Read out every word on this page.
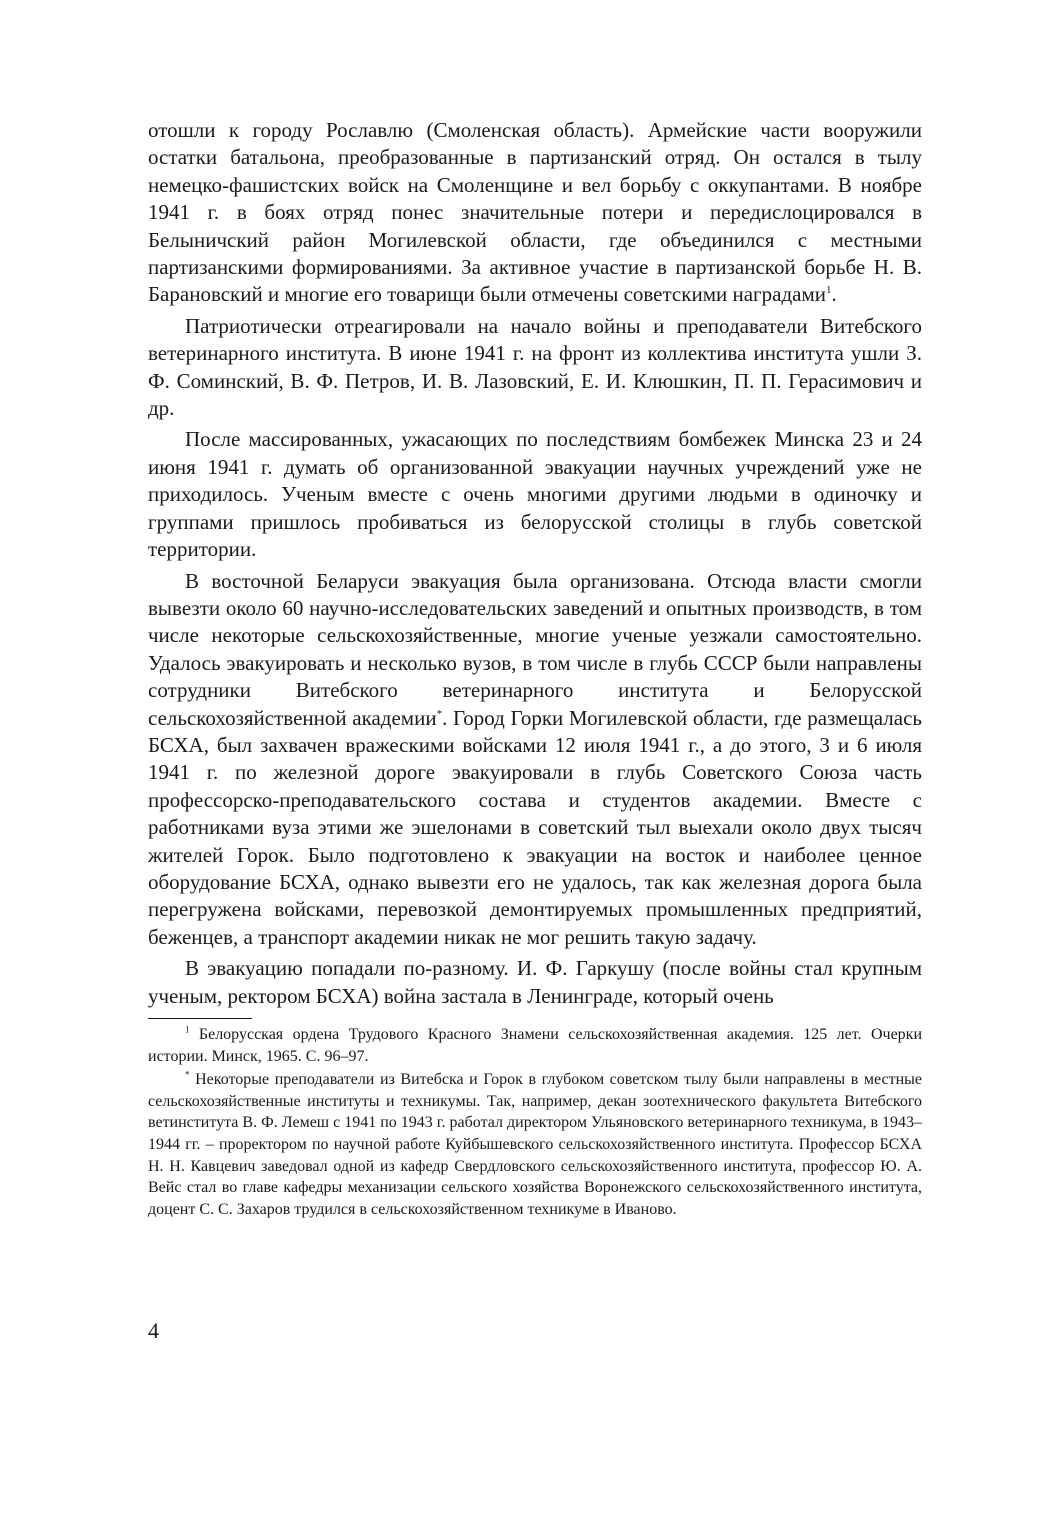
отошли к городу Рославлю (Смоленская область). Армейские части вооружили остатки батальона, преобразованные в партизанский отряд. Он остался в тылу немецко-фашистских войск на Смоленщине и вел борьбу с оккупантами. В ноябре 1941 г. в боях отряд понес значительные потери и передислоцировался в Белыничский район Могилевской области, где объединился с местными партизанскими формированиями. За активное участие в партизанской борьбе Н. В. Барановский и многие его товарищи были отмечены советскими наградами$^1$.

Патриотически отреагировали на начало войны и преподаватели Витебского ветеринарного института. В июне 1941 г. на фронт из коллектива института ушли З. Ф. Соминский, В. Ф. Петров, И. В. Лазовский, Е. И. Клюшкин, П. П. Герасимович и др.

После массированных, ужасающих по последствиям бомбежек Минска 23 и 24 июня 1941 г. думать об организованной эвакуации научных учреждений уже не приходилось. Ученым вместе с очень многими другими людьми в одиночку и группами пришлось пробиваться из белорусской столицы в глубь советской территории.

В восточной Беларуси эвакуация была организована. Отсюда власти смогли вывезти около 60 научно-исследовательских заведений и опытных производств, в том числе некоторые сельскохозяйственные, многие ученые уезжали самостоятельно. Удалось эвакуировать и несколько вузов, в том числе в глубь СССР были направлены сотрудники Витебского ветеринарного института и Белорусской сельскохозяйственной академии*. Город Горки Могилевской области, где размещалась БСХА, был захвачен вражескими войсками 12 июля 1941 г., а до этого, 3 и 6 июля 1941 г. по железной дороге эвакуировали в глубь Советского Союза часть профессорско-преподавательского состава и студентов академии. Вместе с работниками вуза этими же эшелонами в советский тыл выехали около двух тысяч жителей Горок. Было подготовлено к эвакуации на восток и наиболее ценное оборудование БСХА, однако вывезти его не удалось, так как железная дорога была перегружена войсками, перевозкой демонтируемых промышленных предприятий, беженцев, а транспорт академии никак не мог решить такую задачу.

В эвакуацию попадали по-разному. И. Ф. Гаркушу (после войны стал крупным ученым, ректором БСХА) война застала в Ленинграде, который очень

$^1$ Белорусская ордена Трудового Красного Знамени сельскохозяйственная академия. 125 лет. Очерки истории. Минск, 1965. С. 96–97.

* Некоторые преподаватели из Витебска и Горок в глубоком советском тылу были направлены в местные сельскохозяйственные институты и техникумы. Так, например, декан зоотехнического факультета Витебского ветинститута В. Ф. Лемеш с 1941 по 1943 г. работал директором Ульяновского ветеринарного техникума, в 1943–1944 гг. – проректором по научной работе Куйбышевского сельскохозяйственного института. Профессор БСХА Н. Н. Кавцевич заведовал одной из кафедр Свердловского сельскохозяйственного института, профессор Ю. А. Вейс стал во главе кафедры механизации сельского хозяйства Воронежского сельскохозяйственного института, доцент С. С. Захаров трудился в сельскохозяйственном техникуме в Иваново.

4
